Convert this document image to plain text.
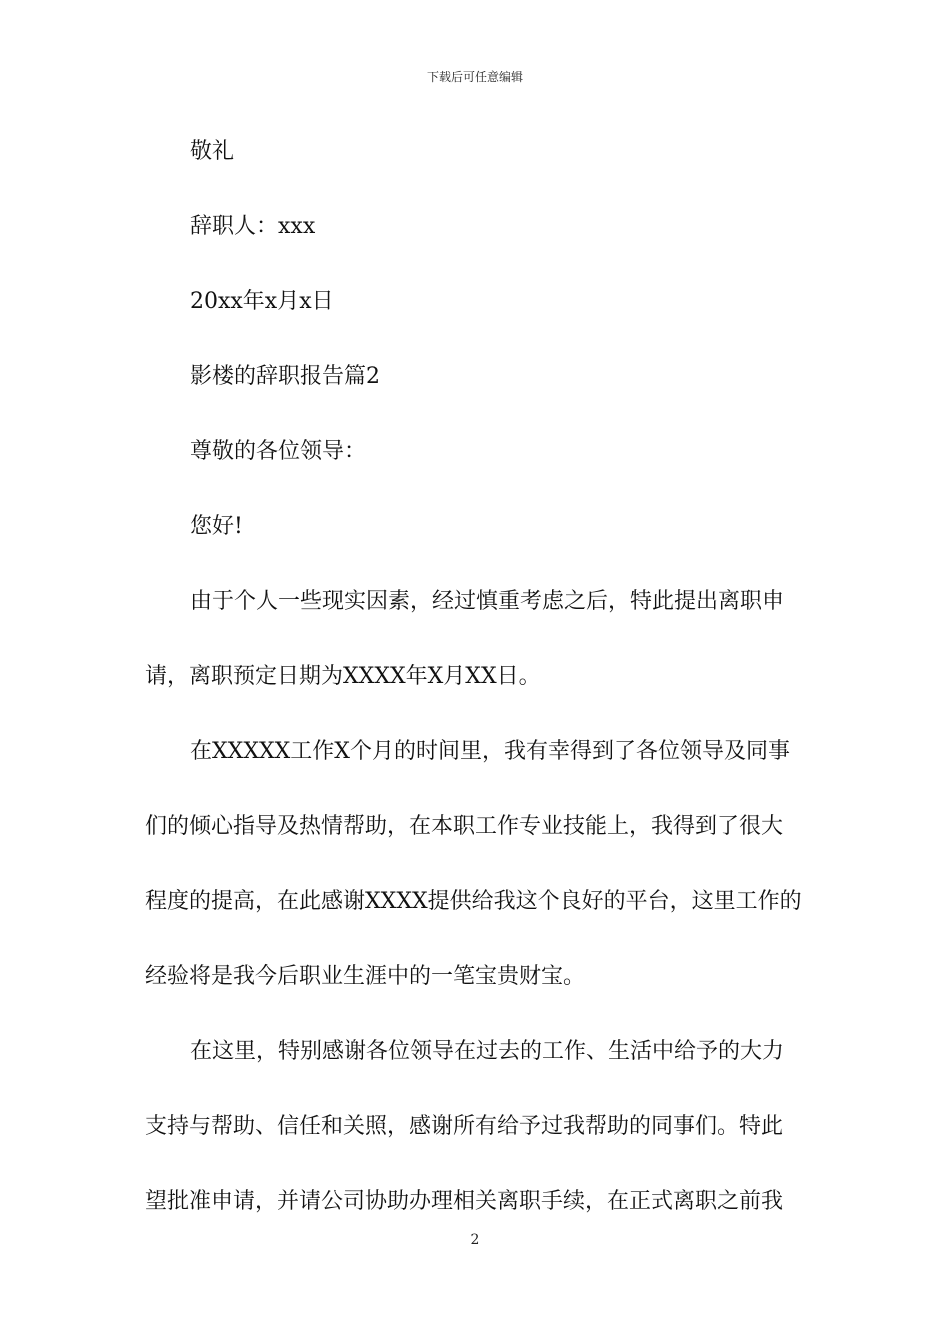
下载后可任意编辑
敬礼
辞职人：xxx
20xx年x月x日
影楼的辞职报告篇2
尊敬的各位领导：
您好!
由于个人一些现实因素，经过慎重考虑之后，特此提出离职申
请，离职预定日期为XXXX年X月XX日。
在XXXXX工作X个月的时间里，我有幸得到了各位领导及同事
们的倾心指导及热情帮助，在本职工作专业技能上，我得到了很大
程度的提高，在此感谢XXXX提供给我这个良好的平台，这里工作的
经验将是我今后职业生涯中的一笔宝贵财宝。
在这里，特别感谢各位领导在过去的工作、生活中给予的大力
支持与帮助、信任和关照，感谢所有给予过我帮助的同事们。特此
望批准申请，并请公司协助办理相关离职手续，在正式离职之前我
2
